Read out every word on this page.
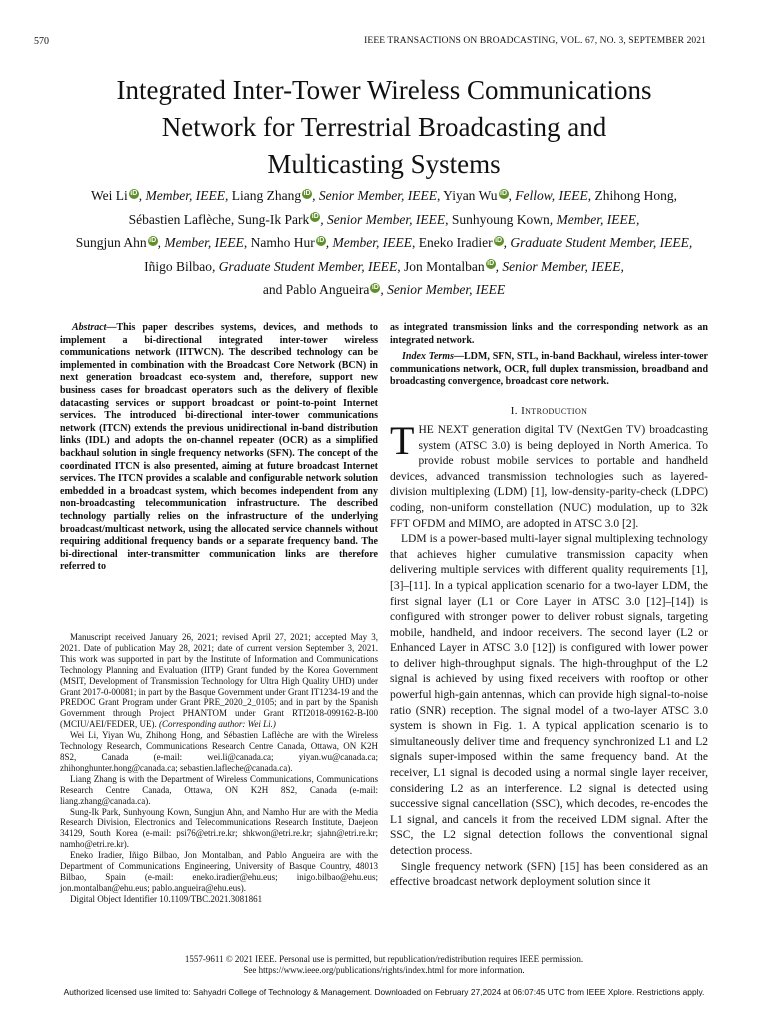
570	IEEE TRANSACTIONS ON BROADCASTING, VOL. 67, NO. 3, SEPTEMBER 2021
Integrated Inter-Tower Wireless Communications
Network for Terrestrial Broadcasting and
Multicasting Systems
Wei Li iD , Member, IEEE, Liang Zhang iD , Senior Member, IEEE, Yiyan Wu iD , Fellow, IEEE, Zhihong Hong,
Sébastien Laflèche, Sung-Ik Park iD , Senior Member, IEEE, Sunhyoung Kown, Member, IEEE,
Sungjun Ahn iD , Member, IEEE, Namho Hur iD , Member, IEEE, Eneko Iradier iD , Graduate Student Member, IEEE,
Iñigo Bilbao, Graduate Student Member, IEEE, Jon Montalban iD , Senior Member, IEEE,
and Pablo Angueira iD , Senior Member, IEEE

Abstract—This paper describes systems, devices, and methods to implement a bi-directional integrated inter-tower wireless communications network (IITWCN). The described technology can be implemented in combination with the Broadcast Core Network (BCN) in next generation broadcast eco-system and, therefore, support new business cases for broadcast operators such as the delivery of flexible datacasting services or support broadcast or point-to-point Internet services. The introduced bi-directional inter-tower communications network (ITCN) extends the previous unidirectional in-band distribution links (IDL) and adopts the on-channel repeater (OCR) as a simplified backhaul solution in single frequency networks (SFN). The concept of the coordinated ITCN is also presented, aiming at future broadcast Internet services. The ITCN provides a scalable and configurable network solution embedded in a broadcast system, which becomes independent from any non-broadcasting telecommunication infrastructure. The described technology partially relies on the infrastructure of the underlying broadcast/multicast network, using the allocated service channels without requiring additional frequency bands or a separate frequency band. The bi-directional inter-transmitter communication links are therefore referred to

Manuscript received January 26, 2021; revised April 27, 2021; accepted May 3, 2021. Date of publication May 28, 2021; date of current version September 3, 2021. This work was supported in part by the Institute of Information and Communications Technology Planning and Evaluation (IITP) Grant funded by the Korea Government (MSIT, Development of Transmission Technology for Ultra High Quality UHD) under Grant 2017-0-00081; in part by the Basque Government under Grant IT1234-19 and the PREDOC Grant Program under Grant PRE_2020_2_0105; and in part by the Spanish Government through Project PHANTOM under Grant RTI2018-099162-B-I00 (MCIU/AEI/FEDER, UE). (Corresponding author: Wei Li.)

Wei Li, Yiyan Wu, Zhihong Hong, and Sébastien Laflèche are with the Wireless Technology Research, Communications Research Centre Canada, Ottawa, ON K2H 8S2, Canada (e-mail: wei.li@canada.ca; yiyan.wu@canada.ca; zhihonghunter.hong@canada.ca; sebastien.lafleche@canada.ca).

Liang Zhang is with the Department of Wireless Communications, Communications Research Centre Canada, Ottawa, ON K2H 8S2, Canada (e-mail: liang.zhang@canada.ca).

Sung-Ik Park, Sunhyoung Kown, Sungjun Ahn, and Namho Hur are with the Media Research Division, Electronics and Telecommunications Research Institute, Daejeon 34129, South Korea (e-mail: psi76@etri.re.kr; shkwon@etri.re.kr; sjahn@etri.re.kr; namho@etri.re.kr).

Eneko Iradier, Iñigo Bilbao, Jon Montalban, and Pablo Angueira are with the Department of Communications Engineering, University of Basque Country, 48013 Bilbao, Spain (e-mail: eneko.iradier@ehu.eus; inigo.bilbao@ehu.eus; jon.montalban@ehu.eus; pablo.angueira@ehu.eus).

Digital Object Identifier 10.1109/TBC.2021.3081861

as integrated transmission links and the corresponding network as an integrated network.

Index Terms—LDM, SFN, STL, in-band Backhaul, wireless inter-tower communications network, OCR, full duplex transmission, broadband and broadcasting convergence, broadcast core network.

I. Introduction

THE NEXT generation digital TV (NextGen TV) broadcasting system (ATSC 3.0) is being deployed in North America. To provide robust mobile services to portable and handheld devices, advanced transmission technologies such as layered-division multiplexing (LDM) [1], low-density-parity-check (LDPC) coding, non-uniform constellation (NUC) modulation, up to 32k FFT OFDM and MIMO, are adopted in ATSC 3.0 [2].

LDM is a power-based multi-layer signal multiplexing technology that achieves higher cumulative transmission capacity when delivering multiple services with different quality requirements [1], [3]–[11]. In a typical application scenario for a two-layer LDM, the first signal layer (L1 or Core Layer in ATSC 3.0 [12]–[14]) is configured with stronger power to deliver robust signals, targeting mobile, handheld, and indoor receivers. The second layer (L2 or Enhanced Layer in ATSC 3.0 [12]) is configured with lower power to deliver high-throughput signals. The high-throughput of the L2 signal is achieved by using fixed receivers with rooftop or other powerful high-gain antennas, which can provide high signal-to-noise ratio (SNR) reception. The signal model of a two-layer ATSC 3.0 system is shown in Fig. 1. A typical application scenario is to simultaneously deliver time and frequency synchronized L1 and L2 signals super-imposed within the same frequency band. At the receiver, L1 signal is decoded using a normal single layer receiver, considering L2 as an interference. L2 signal is detected using successive signal cancellation (SSC), which decodes, re-encodes the L1 signal, and cancels it from the received LDM signal. After the SSC, the L2 signal detection follows the conventional signal detection process.

Single frequency network (SFN) [15] has been considered as an effective broadcast network deployment solution since it

1557-9611 © 2021 IEEE. Personal use is permitted, but republication/redistribution requires IEEE permission.
See https://www.ieee.org/publications/rights/index.html for more information.
Authorized licensed use limited to: Sahyadri College of Technology & Management. Downloaded on February 27,2024 at 06:07:45 UTC from IEEE Xplore. Restrictions apply.
